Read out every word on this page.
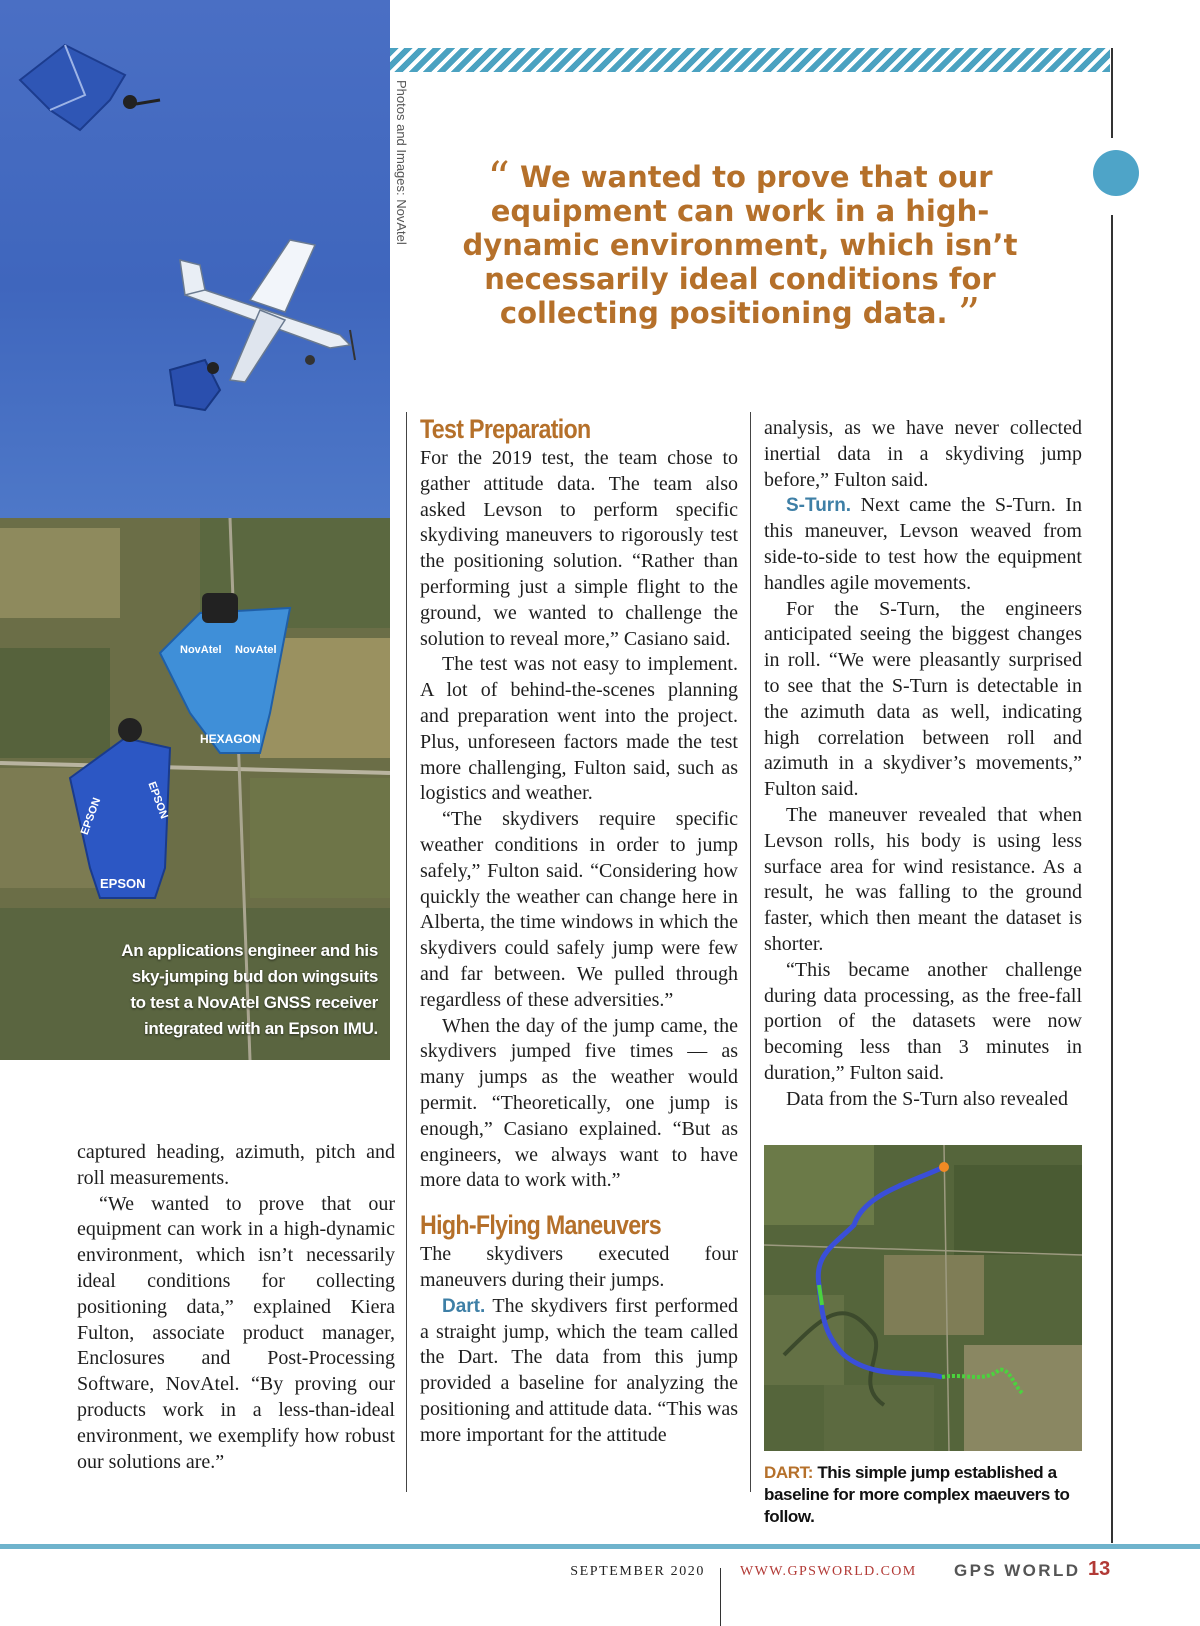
NovAtel NovAtel
HEXAGON
EPSON
EPSON	EPSON
An applications engineer and his sky-jumping bud don wingsuits to test a NovAtel GNSS receiver integrated with an Epson IMU.
Photos and Images: NovAtel	“ We wanted to prove that our equipment can work in a high-dynamic environment, which isn’t necessarily ideal conditions for collecting positioning data. ”

captured heading, azimuth, pitch and roll measurements.

“We wanted to prove that our equipment can work in a high-dynamic environment, which isn’t necessarily ideal conditions for collecting positioning data,” explained Kiera Fulton, associate product manager, Enclosures and Post-Processing Software, NovAtel. “By proving our products work in a less-than-ideal environment, we exemplify how robust our solutions are.”

Test Preparation

For the 2019 test, the team chose to gather attitude data. The team also asked Levson to perform specific skydiving maneuvers to rigorously test the positioning solution. “Rather than performing just a simple flight to the ground, we wanted to challenge the solution to reveal more,” Casiano said.

The test was not easy to implement. A lot of behind-the-scenes planning and preparation went into the project. Plus, unforeseen factors made the test more challenging, Fulton said, such as logistics and weather.

“The skydivers require specific weather conditions in order to jump safely,” Fulton said. “Considering how quickly the weather can change here in Alberta, the time windows in which the skydivers could safely jump were few and far between. We pulled through regardless of these adversities.”

When the day of the jump came, the skydivers jumped five times — as many jumps as the weather would permit. “Theoretically, one jump is enough,” Casiano explained. “But as engineers, we always want to have more data to work with.”

High-Flying Maneuvers

The skydivers executed four maneuvers during their jumps.

Dart. The skydivers first performed a straight jump, which the team called the Dart. The data from this jump provided a baseline for analyzing the positioning and attitude data. “This was more important for the attitude

analysis, as we have never collected inertial data in a skydiving jump before,” Fulton said.

S-Turn. Next came the S-Turn. In this maneuver, Levson weaved from side-to-side to test how the equipment handles agile movements.

For the S-Turn, the engineers anticipated seeing the biggest changes in roll. “We were pleasantly surprised to see that the S-Turn is detectable in the azimuth data as well, indicating high correlation between roll and azimuth in a skydiver’s movements,” Fulton said.

The maneuver revealed that when Levson rolls, his body is using less surface area for wind resistance. As a result, he was falling to the ground faster, which then meant the dataset is shorter.

“This became another challenge during data processing, as the free-fall portion of the datasets were now becoming less than 3 minutes in duration,” Fulton said.

Data from the S-Turn also revealed

DART: This simple jump established a baseline for more complex maeuvers to follow.
SEPTEMBER 2020	WWW.GPSWORLD.COM	GPS WORLD 13
